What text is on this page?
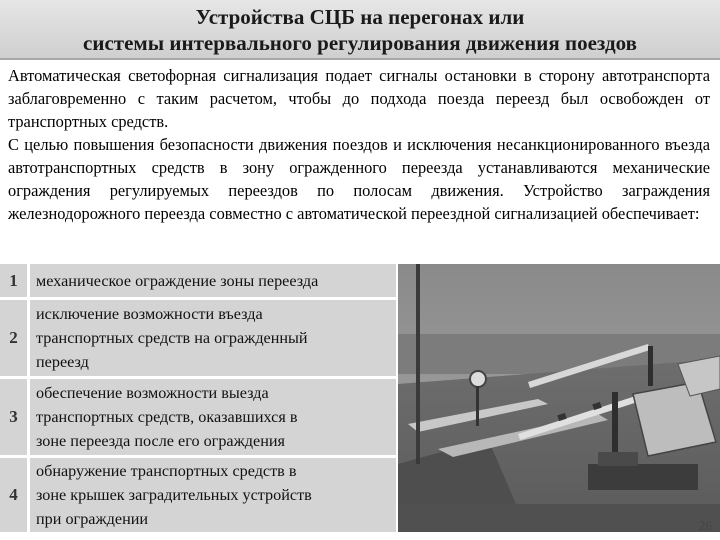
Устройства СЦБ на перегонах или
системы интервального регулирования движения поездов

Автоматическая светофорная сигнализация подает сигналы остановки в сторону автотранспорта заблаговременно с таким расчетом, чтобы до подхода поезда переезд был освобожден от транспортных средств.

С целью повышения безопасности движения поездов и исключения несанкционированного въезда автотранспортных средств в зону огражденного переезда устанавливаются механические ограждения регулируемых переездов по полосам движения. Устройство заграждения железнодорожного переезда совместно с автоматической переездной сигнализацией обеспечивает:

1	механическое ограждение зоны переезда
2
исключение возможности въезда
транспортных средств на огражденный
переезд
3
обеспечение возможности выезда
транспортных средств, оказавшихся в
зоне переезда после его ограждения
4
обнаружение транспортных средств в
зоне крышек заградительных устройств
при ограждении	26
